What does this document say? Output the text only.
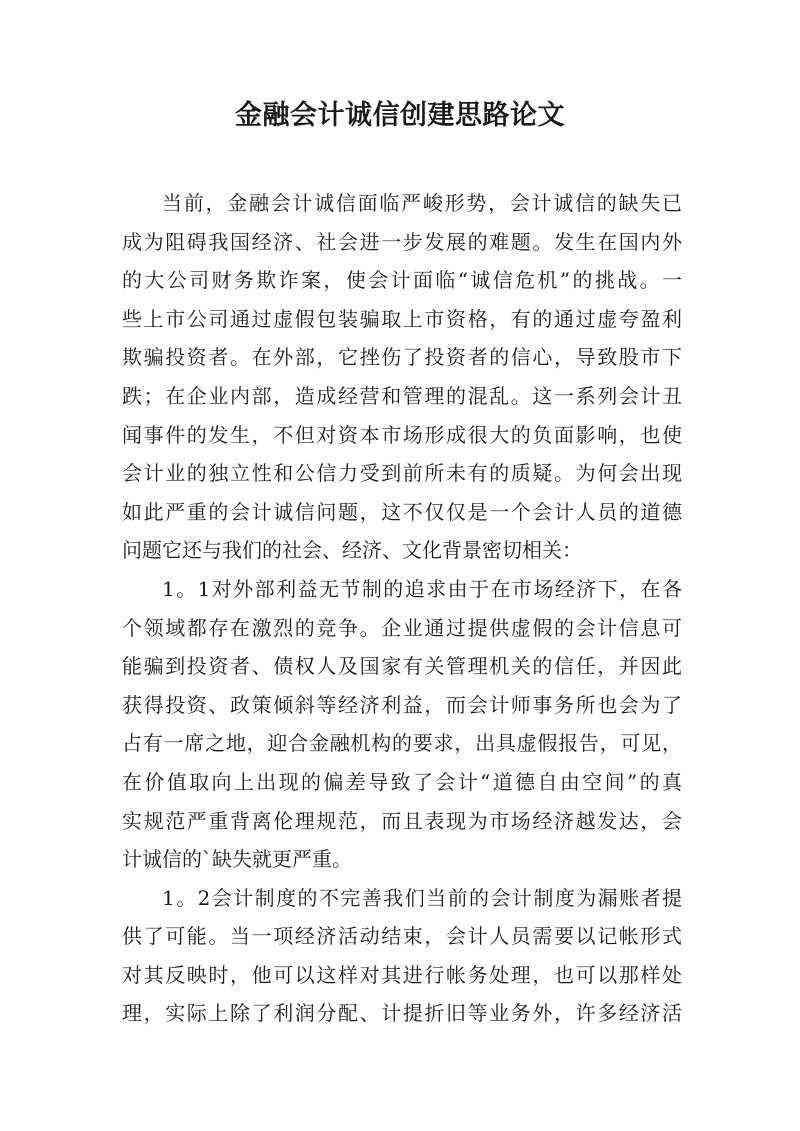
金融会计诚信创建思路论文
当前，金融会计诚信面临严峻形势，会计诚信的缺失已
成为阻碍我国经济、社会进一步发展的难题。发生在国内外
的大公司财务欺诈案，使会计面临“诚信危机”的挑战。一
些上市公司通过虚假包装骗取上市资格，有的通过虚夸盈利
欺骗投资者。在外部，它挫伤了投资者的信心，导致股市下
跌；在企业内部，造成经营和管理的混乱。这一系列会计丑
闻事件的发生，不但对资本市场形成很大的负面影响，也使
会计业的独立性和公信力受到前所未有的质疑。为何会出现
如此严重的会计诚信问题，这不仅仅是一个会计人员的道德
问题它还与我们的社会、经济、文化背景密切相关：
1。1对外部利益无节制的追求由于在市场经济下，在各
个领域都存在激烈的竞争。企业通过提供虚假的会计信息可
能骗到投资者、债权人及国家有关管理机关的信任，并因此
获得投资、政策倾斜等经济利益，而会计师事务所也会为了
占有一席之地，迎合金融机构的要求，出具虚假报告，可见，
在价值取向上出现的偏差导致了会计“道德自由空间”的真
实规范严重背离伦理规范，而且表现为市场经济越发达，会
计诚信的`缺失就更严重。
1。2会计制度的不完善我们当前的会计制度为漏账者提
供了可能。当一项经济活动结束，会计人员需要以记帐形式
对其反映时，他可以这样对其进行帐务处理，也可以那样处
理，实际上除了利润分配、计提折旧等业务外，许多经济活
